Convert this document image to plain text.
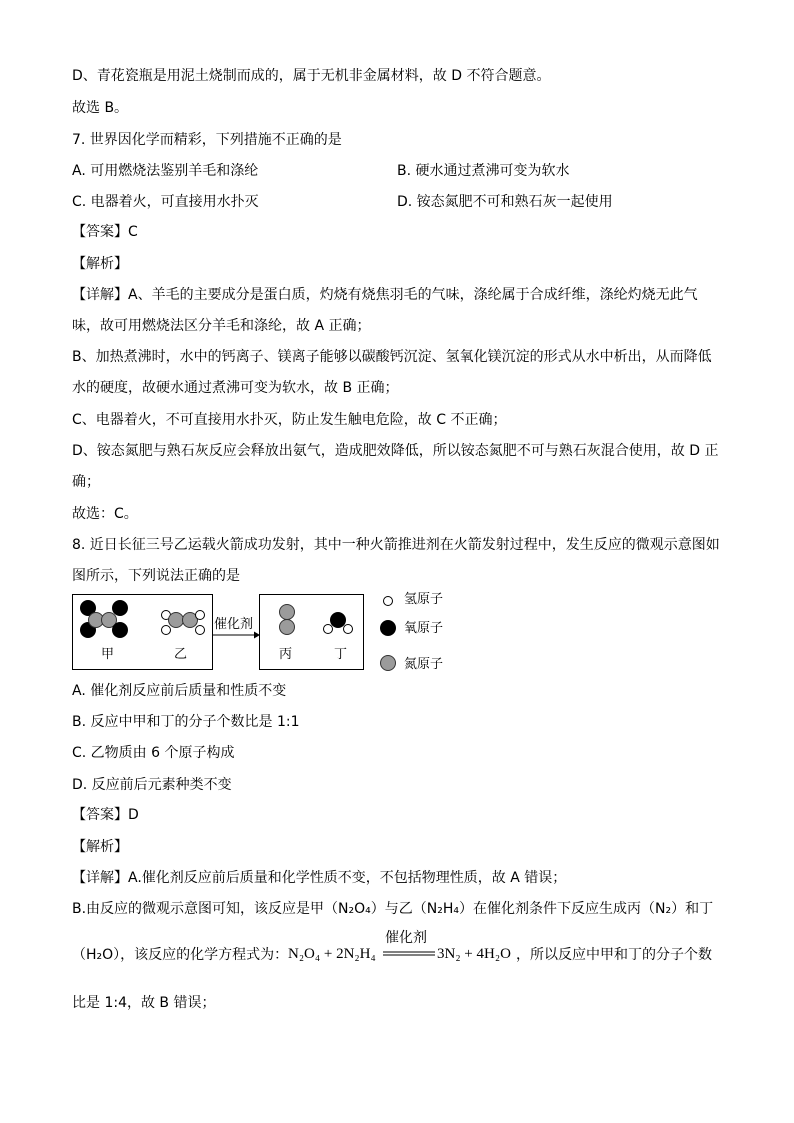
D、青花瓷瓶是用泥土烧制而成的，属于无机非金属材料，故 D 不符合题意。
故选 B。
7. 世界因化学而精彩，下列措施不正确的是
A. 可用燃烧法鉴别羊毛和涤纶	B. 硬水通过煮沸可变为软水
C. 电器着火，可直接用水扑灭	D. 铵态氮肥不可和熟石灰一起使用
【答案】C
【解析】
【详解】A、羊毛的主要成分是蛋白质，灼烧有烧焦羽毛的气味，涤纶属于合成纤维，涤纶灼烧无此气
味，故可用燃烧法区分羊毛和涤纶，故 A 正确；
B、加热煮沸时，水中的钙离子、镁离子能够以碳酸钙沉淀、氢氧化镁沉淀的形式从水中析出，从而降低
水的硬度，故硬水通过煮沸可变为软水，故 B 正确；
C、电器着火，不可直接用水扑灭，防止发生触电危险，故 C 不正确；
D、铵态氮肥与熟石灰反应会释放出氨气，造成肥效降低，所以铵态氮肥不可与熟石灰混合使用，故 D 正
确；
故选：C。
8. 近日长征三号乙运载火箭成功发射，其中一种火箭推进剂在火箭发射过程中，发生反应的微观示意图如
图所示，下列说法正确的是
甲	乙
催化剂
丙	丁
氢原子
氧原子
氮原子
A. 催化剂反应前后质量和性质不变
B. 反应中甲和丁的分子个数比是 1:1
C. 乙物质由 6 个原子构成
D. 反应前后元素种类不变
【答案】D
【解析】
【详解】A.催化剂反应前后质量和化学性质不变，不包括物理性质，故 A 错误；
B.由反应的微观示意图可知，该反应是甲（N₂O₄）与乙（N₂H₄）在催化剂条件下反应生成丙（N₂）和丁
（H₂O），该反应的化学方程式为： N₂O₄ + 2N₂H₄
催化剂
3N₂ + 4H₂O ，所以反应中甲和丁的分子个数
比是 1:4，故 B 错误；
